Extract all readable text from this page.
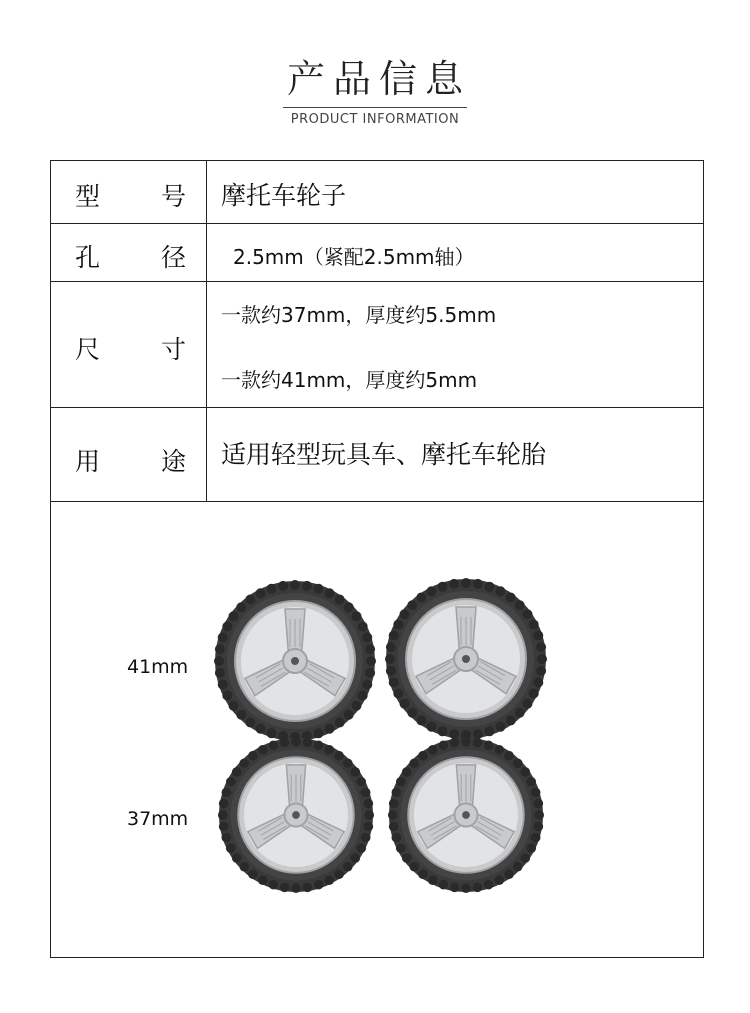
产品信息
PRODUCT INFORMATION
型 号 摩托车轮子
孔 径 2.5mm（紧配2.5mm轴）
尺 寸
一款约37mm，厚度约5.5mm
一款约41mm，厚度约5mm
用 途 适用轻型玩具车、摩托车轮胎
41mm
37mm
